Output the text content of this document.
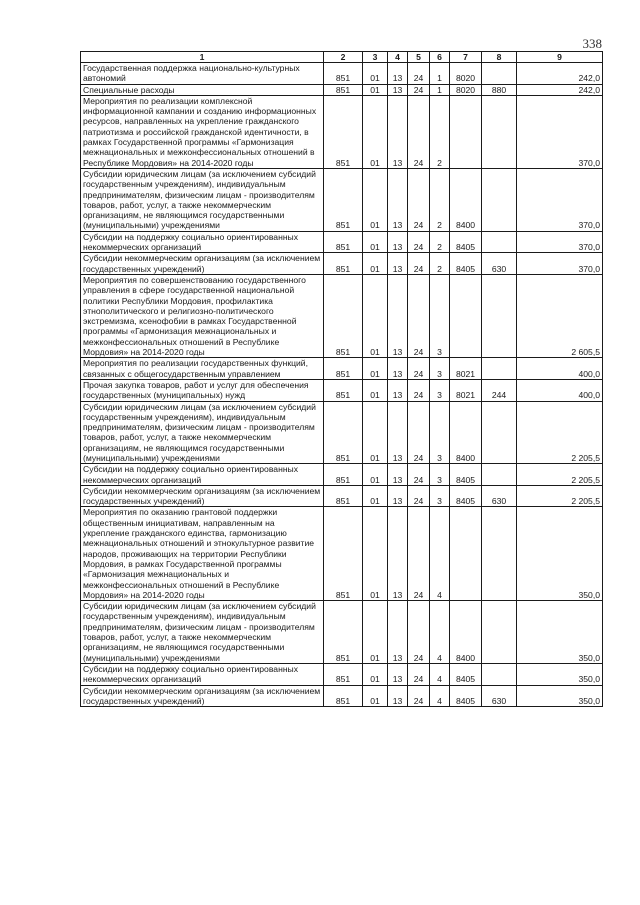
338
1	2	3	4	5	6	7	8	9
Государственная поддержка национально-культурных автономий	851	01	13	24	1	8020		242,0
Специальные расходы	851	01	13	24	1	8020	880	242,0
Мероприятия по реализации комплексной информационной кампании и созданию информационных ресурсов, направленных на укрепление гражданского патриотизма и российской гражданской идентичности, в рамках Государственной программы «Гармонизация межнациональных и межконфессиональных отношений в Республике Мордовия» на 2014-2020 годы	851	01	13	24	2			370,0
Субсидии юридическим лицам (за исключением субсидий государственным учреждениям), индивидуальным предпринимателям, физическим лицам - производителям товаров, работ, услуг, а также некоммерческим организациям, не являющимся государственными (муниципальными) учреждениями	851	01	13	24	2	8400		370,0
Субсидии на поддержку социально ориентированных некоммерческих организаций	851	01	13	24	2	8405		370,0
Субсидии некоммерческим организациям (за исключением государственных учреждений)	851	01	13	24	2	8405	630	370,0
Мероприятия по совершенствованию государственного управления в сфере государственной национальной политики Республики Мордовия, профилактика этнополитического и религиозно-политического экстремизма, ксенофобии в рамках Государственной программы «Гармонизация межнациональных и межконфессиональных отношений в Республике Мордовия» на 2014-2020 годы	851	01	13	24	3			2 605,5
Мероприятия по реализации государственных функций, связанных с общегосударственным управлением	851	01	13	24	3	8021		400,0
Прочая закупка товаров, работ и услуг для обеспечения государственных (муниципальных) нужд	851	01	13	24	3	8021	244	400,0
Субсидии юридическим лицам (за исключением субсидий государственным учреждениям), индивидуальным предпринимателям, физическим лицам - производителям товаров, работ, услуг, а также некоммерческим организациям, не являющимся государственными (муниципальными) учреждениями	851	01	13	24	3	8400		2 205,5
Субсидии на поддержку социально ориентированных некоммерческих организаций	851	01	13	24	3	8405		2 205,5
Субсидии некоммерческим организациям (за исключением государственных учреждений)	851	01	13	24	3	8405	630	2 205,5
Мероприятия по оказанию грантовой поддержки общественным инициативам, направленным на укрепление гражданского единства, гармонизацию межнациональных отношений и этнокультурное развитие народов, проживающих на территории Республики Мордовия, в рамках Государственной программы «Гармонизация межнациональных и межконфессиональных отношений в Республике Мордовия» на 2014-2020 годы	851	01	13	24	4			350,0
Субсидии юридическим лицам (за исключением субсидий государственным учреждениям), индивидуальным предпринимателям, физическим лицам - производителям товаров, работ, услуг, а также некоммерческим организациям, не являющимся государственными (муниципальными) учреждениями	851	01	13	24	4	8400		350,0
Субсидии на поддержку социально ориентированных некоммерческих организаций	851	01	13	24	4	8405		350,0
Субсидии некоммерческим организациям (за исключением государственных учреждений)	851	01	13	24	4	8405	630	350,0
